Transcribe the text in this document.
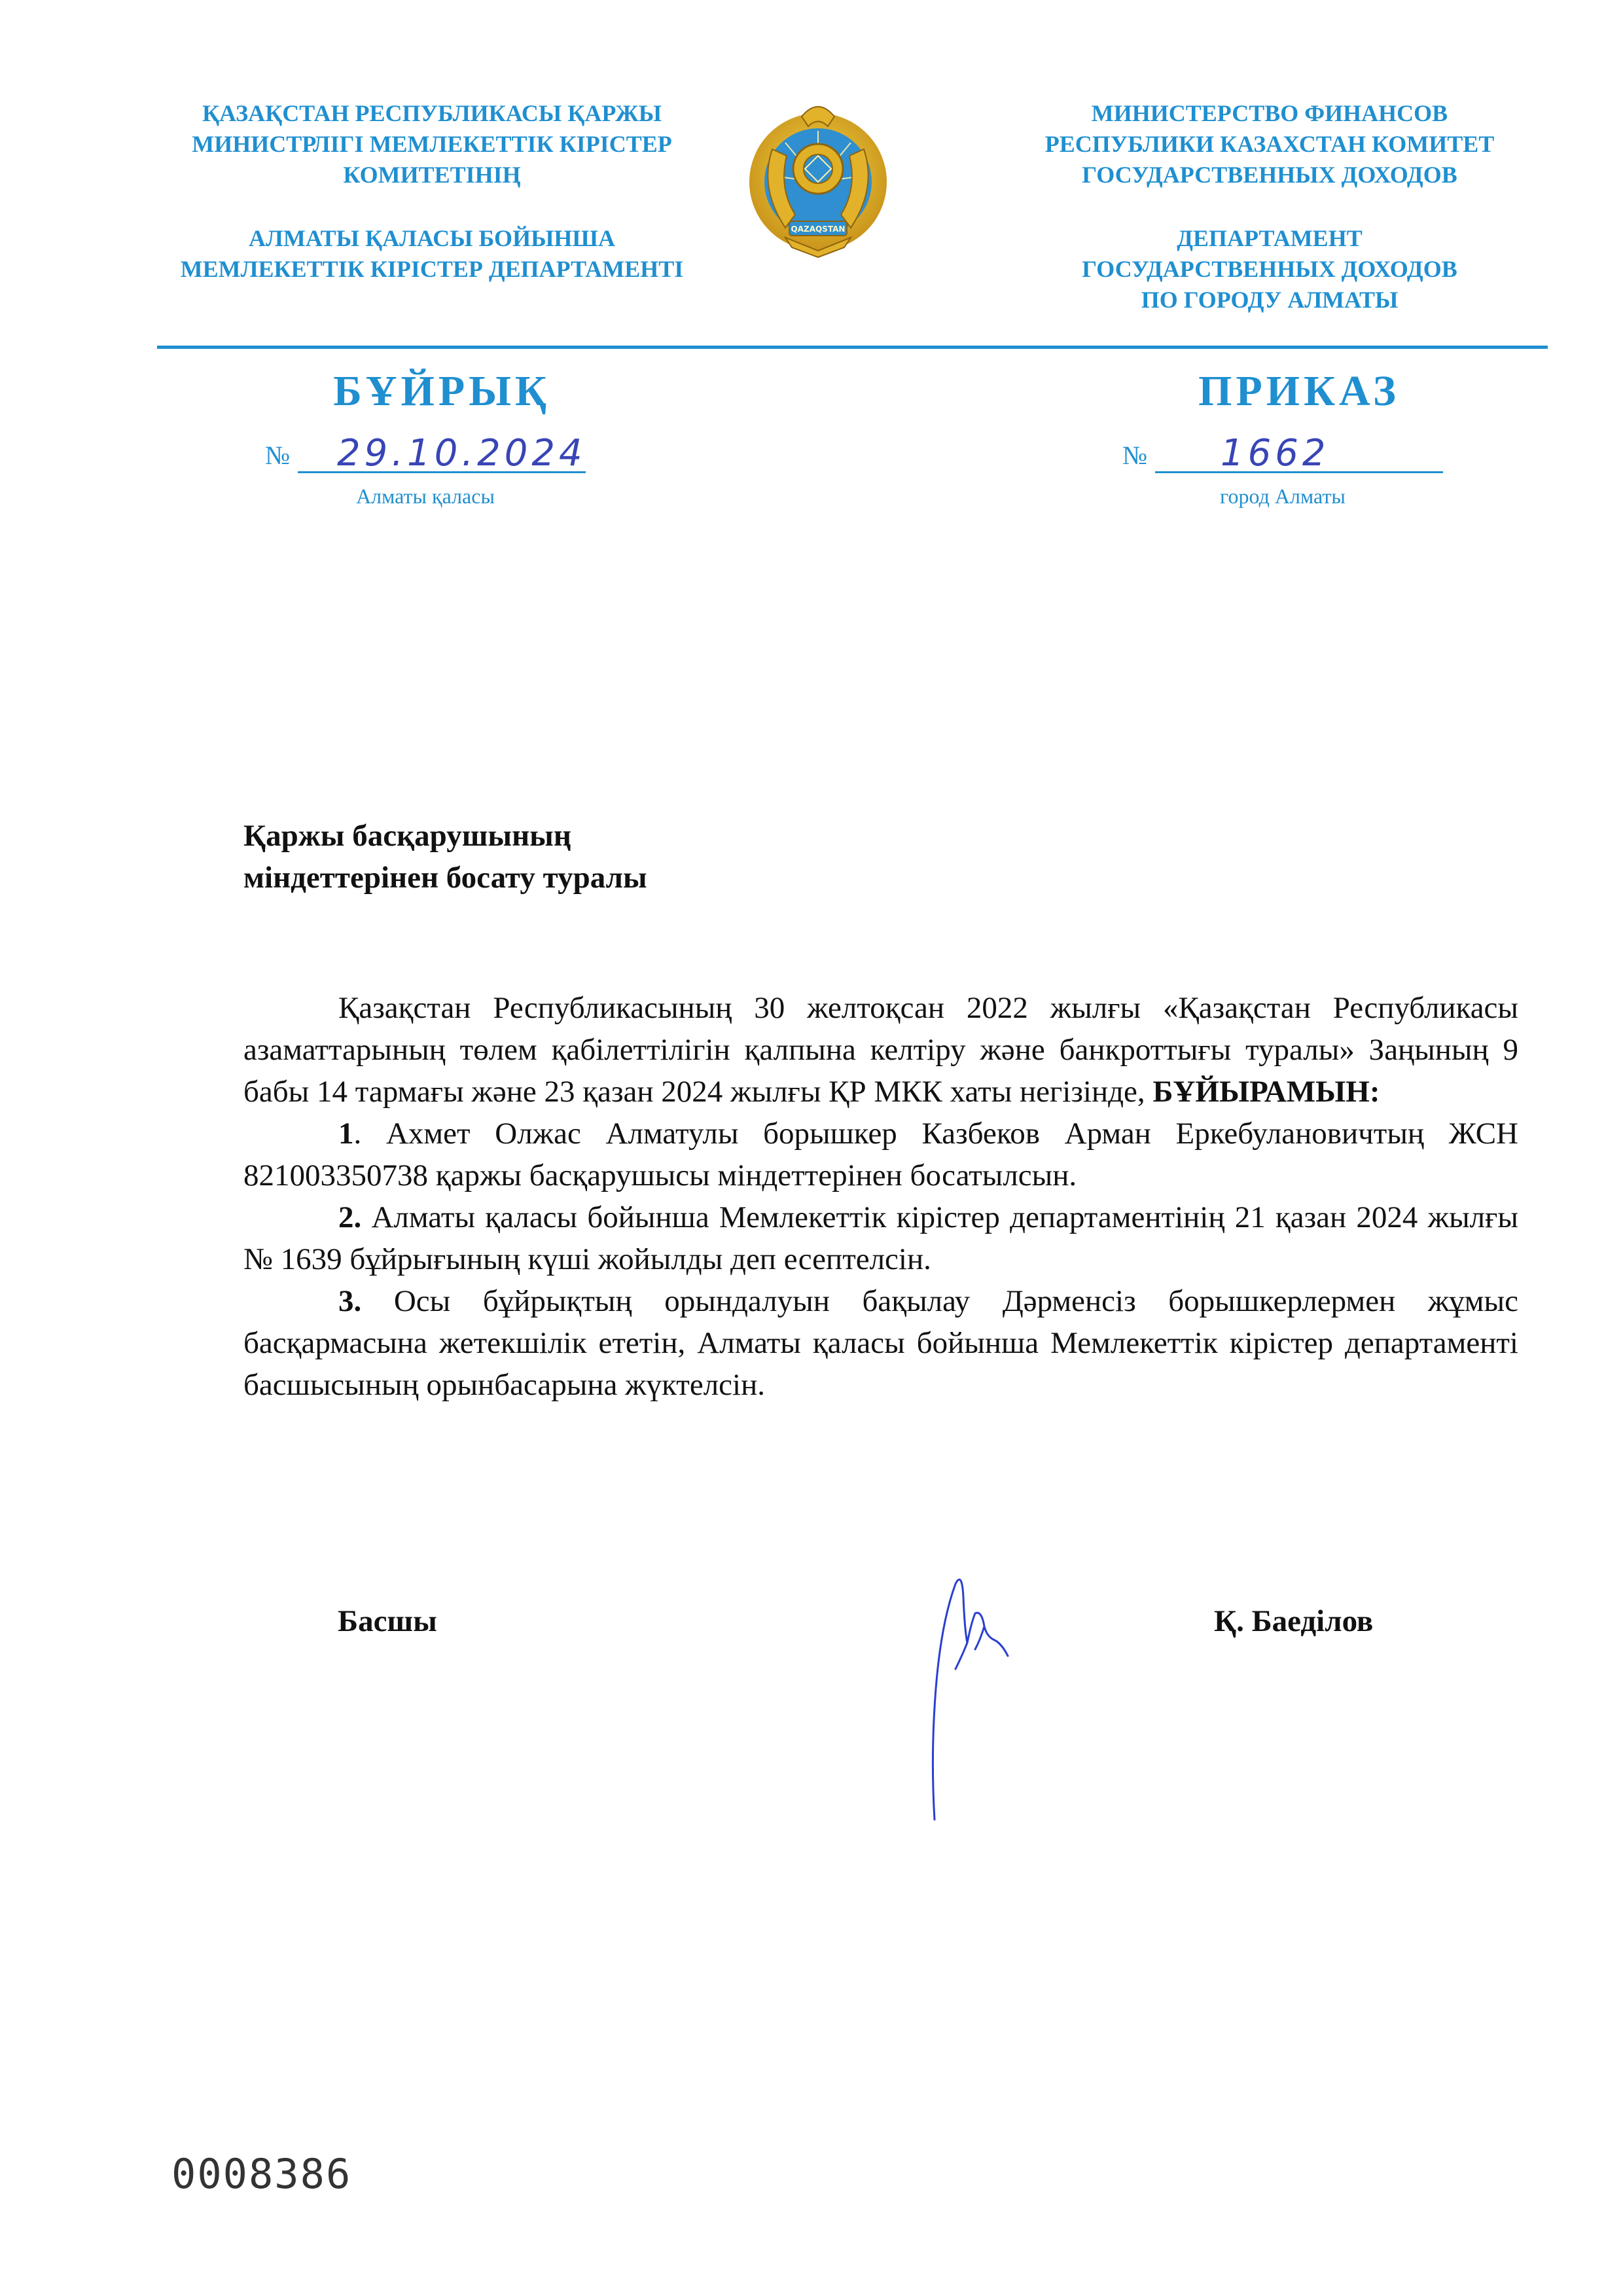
ҚАЗАҚСТАН РЕСПУБЛИКАСЫ ҚАРЖЫ
МИНИСТРЛІГІ МЕМЛЕКЕТТІК КІРІСТЕР
КОМИТЕТІНІҢ
АЛМАТЫ ҚАЛАСЫ БОЙЫНША
МЕМЛЕКЕТТІК КІРІСТЕР ДЕПАРТАМЕНТІ
QAZAQSTAN
МИНИСТЕРСТВО ФИНАНСОВ
РЕСПУБЛИКИ КАЗАХСТАН КОМИТЕТ
ГОСУДАРСТВЕННЫХ ДОХОДОВ
ДЕПАРТАМЕНТ
ГОСУДАРСТВЕННЫХ ДОХОДОВ
ПО ГОРОДУ АЛМАТЫ
БҰЙРЫҚ	ПРИКАЗ
№ 29.10.2024	№ 1662
Алматы қаласы	город Алматы
Қаржы басқарушының
міндеттерінен босату туралы

Қазақстан Республикасының 30 желтоқсан 2022 жылғы «Қазақстан Республикасы азаматтарының төлем қабілеттілігін қалпына келтіру және банкроттығы туралы» Заңының 9 бабы 14 тармағы және 23 қазан 2024 жылғы ҚР МКК хаты негізінде, БҰЙЫРАМЫН:

1. Ахмет Олжас Алматулы борышкер Казбеков Арман Еркебулановичтың ЖСН 821003350738 қаржы басқарушысы міндеттерінен босатылсын.

2. Алматы қаласы бойынша Мемлекеттік кірістер департаментінің 21 қазан 2024 жылғы № 1639 бұйрығының күші жойылды деп есептелсін.

3. Осы бұйрықтың орындалуын бақылау Дәрменсіз борышкерлермен жұмыс басқармасына жетекшілік ететін, Алматы қаласы бойынша Мемлекеттік кірістер департаменті басшысының орынбасарына жүктелсін.

Басшы	Қ. Баеділов
0008386
